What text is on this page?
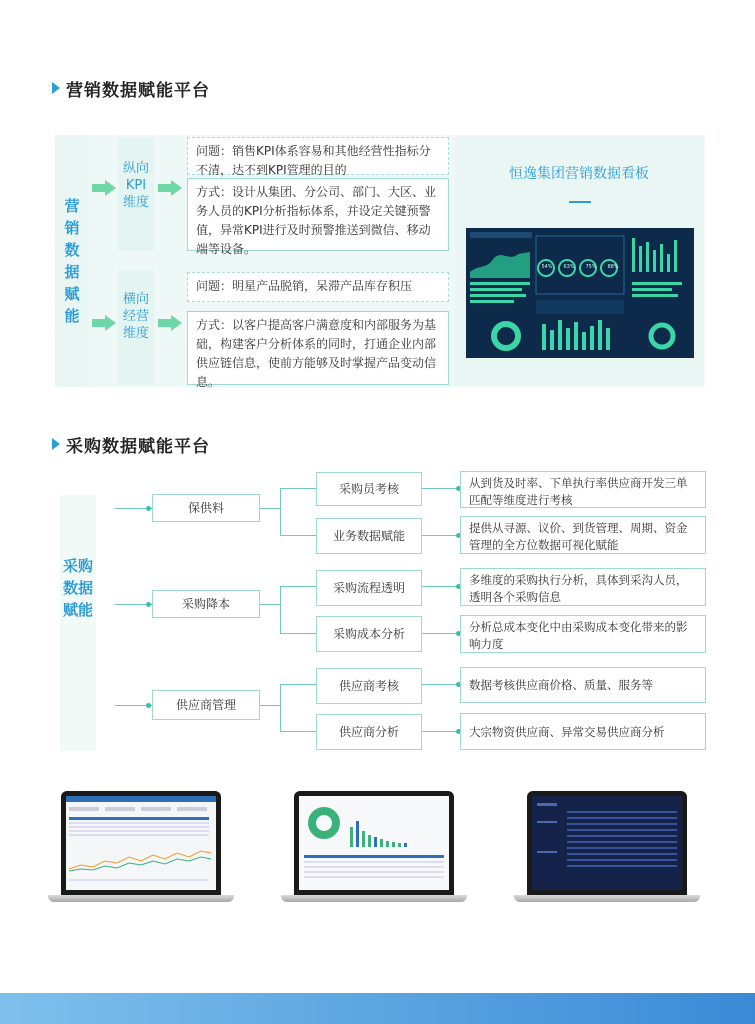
营销数据赋能平台
营销数据赋能
纵向KPI维度
横向经营维度
问题：销售KPI体系容易和其他经营性指标分不清，达不到KPI管理的目的
方式：设计从集团、分公司、部门、大区、业务人员的KPI分析指标体系，并设定关键预警值，异常KPI进行及时预警推送到微信、移动端等设备。
问题：明星产品脱销，呆滞产品库存积压
方式：以客户提高客户满意度和内部服务为基础，构建客户分析体系的同时，打通企业内部供应链信息，使前方能够及时掌握产品变动信息。
恒逸集团营销数据看板
54% 63% 75% 88%
采购数据赋能平台
采购数据赋能
保供料
采购降本
供应商管理
采购员考核
业务数据赋能
采购流程透明
采购成本分析
供应商考核
供应商分析
从到货及时率、下单执行率供应商开发三单匹配等维度进行考核
提供从寻源、议价、到货管理、周期、资金管理的全方位数据可视化赋能
多维度的采购执行分析，具体到采沟人员，透明各个采购信息
分析总成本变化中由采购成本变化带来的影响力度
数据考核供应商价格、质量、服务等
大宗物资供应商、异常交易供应商分析
